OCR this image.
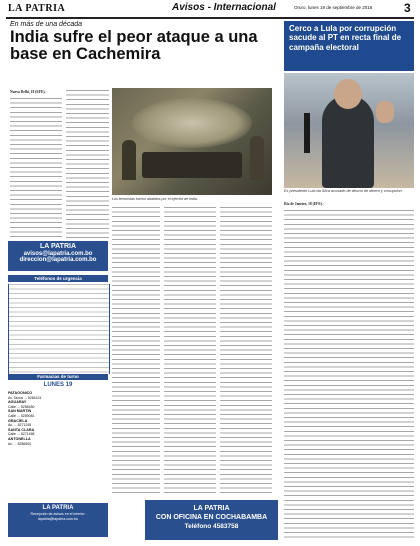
LA PATRIA	Avisos - Internacional	Oruro, lunes 19 de septiembre de 2016	3
En más de una década
India sufre el peor ataque a una base en Cachemira
Nueva Delhi, 18 (EFE).-
Los terroristas fueron abatidos por el ejército de India.
LA PATRIA
avisos@lapatria.com.bo
direccion@lapatria.com.bo
Teléfonos de urgencia
Farmacias de turno
LUNES 19
PATAGONICO
Av. Tacna ... 5284421
AGUARAY
Calle ... 5258450
SAN MARTIN
Calle ... 5289081
GRACIELA
Av. ... 5271245
SANTA CLARA
Calle ... 5271468
ANTONELLA
Av. ... 5286500
LA PATRIA
Recepción de avisos en el interior:
lapatria@lapatria.com.bo
LA PATRIA
CON OFICINA EN COCHABAMBA
Teléfono 4583758
Cerco a Lula por corrupción sacude al PT en recta final de campaña electoral
Ex presidente Lula da Silva acusado de desvío de dinero y corrupción.
Río de Janeiro, 18 (EFE).-
